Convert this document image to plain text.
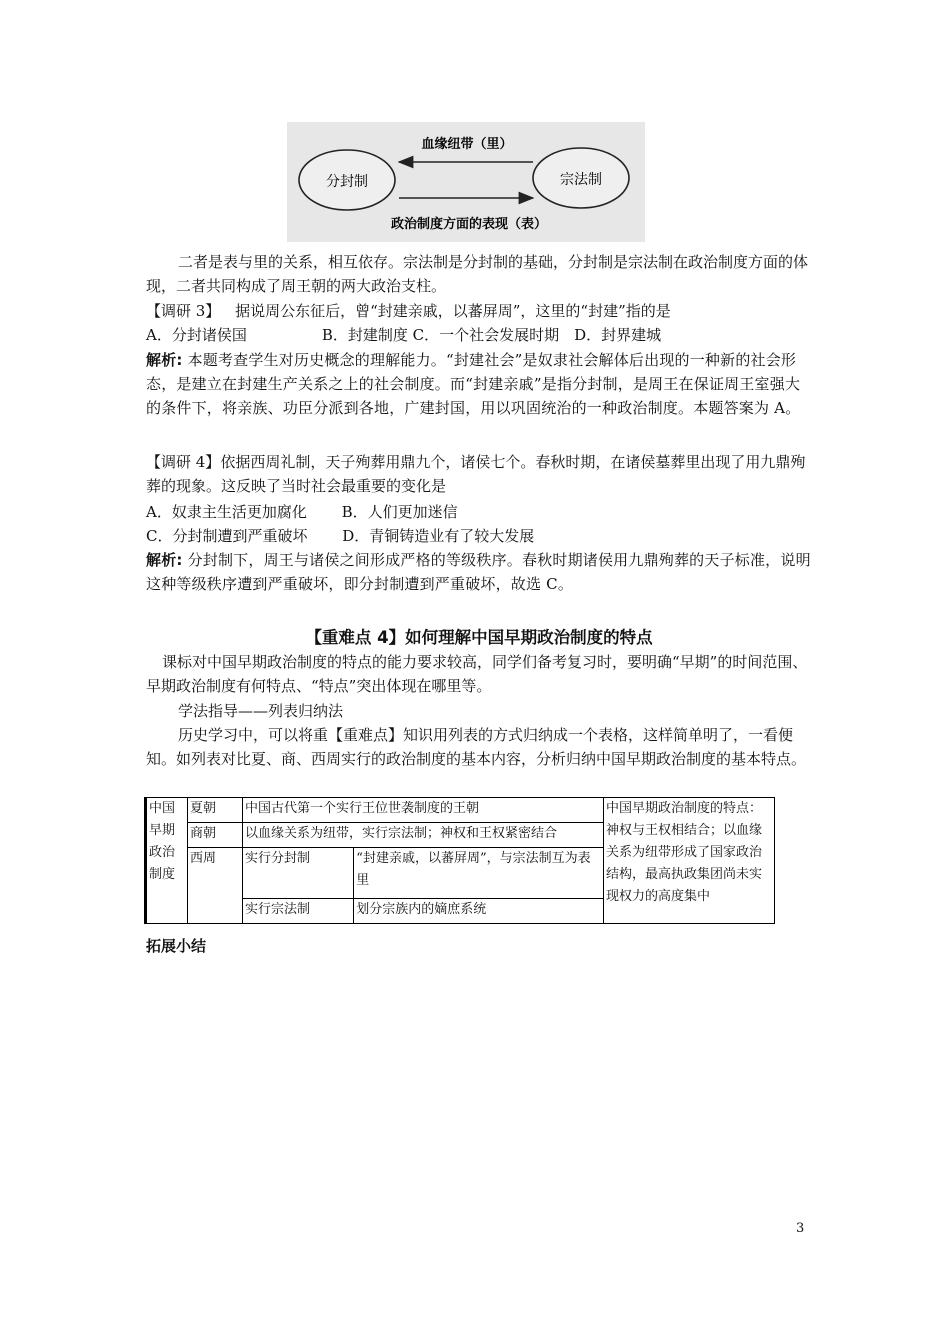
分封制	宗法制
血缘纽带（里）
政治制度方面的表现（表）
二者是表与里的关系，相互依存。宗法制是分封制的基础，分封制是宗法制在政治制度方面的体现，二者共同构成了周王朝的两大政治支柱。
【调研 3】 据说周公东征后，曾“封建亲戚，以蕃屏周”，这里的“封建”指的是
A．分封诸侯国　　　　　B．封建制度 C．一个社会发展时期　D．封界建城
解析: 本题考查学生对历史概念的理解能力。“封建社会”是奴隶社会解体后出现的一种新的社会形态，是建立在封建生产关系之上的社会制度。而“封建亲戚”是指分封制，是周王在保证周王室强大的条件下，将亲族、功臣分派到各地，广建封国，用以巩固统治的一种政治制度。本题答案为 A。
【调研 4】依据西周礼制，天子殉葬用鼎九个，诸侯七个。春秋时期，在诸侯墓葬里出现了用九鼎殉葬的现象。这反映了当时社会最重要的变化是
A．奴隶主生活更加腐化　　 B．人们更加迷信
C．分封制遭到严重破坏　　 D．青铜铸造业有了较大发展
解析: 分封制下，周王与诸侯之间形成严格的等级秩序。春秋时期诸侯用九鼎殉葬的天子标准，说明这种等级秩序遭到严重破坏，即分封制遭到严重破坏，故选 C。
【重难点 4】如何理解中国早期政治制度的特点
课标对中国早期政治制度的特点的能力要求较高，同学们备考复习时，要明确“早期”的时间范围、早期政治制度有何特点、“特点”突出体现在哪里等。
学法指导——列表归纳法
历史学习中，可以将重【重难点】知识用列表的方式归纳成一个表格，这样简单明了，一看便知。如列表对比夏、商、西周实行的政治制度的基本内容，分析归纳中国早期政治制度的基本特点。
中国早期政治制度	夏朝	中国古代第一个实行王位世袭制度的王朝		中国早期政治制度的特点：神权与王权相结合；以血缘关系为纽带形成了国家政治结构，最高执政集团尚未实现权力的高度集中
	商朝	以血缘关系为纽带，实行宗法制；神权和王权紧密结合		
	西周	实行分封制	“封建亲戚，以蕃屏周”，与宗法制互为表里	
		实行宗法制	划分宗族内的嫡庶系统	
拓展小结
3
